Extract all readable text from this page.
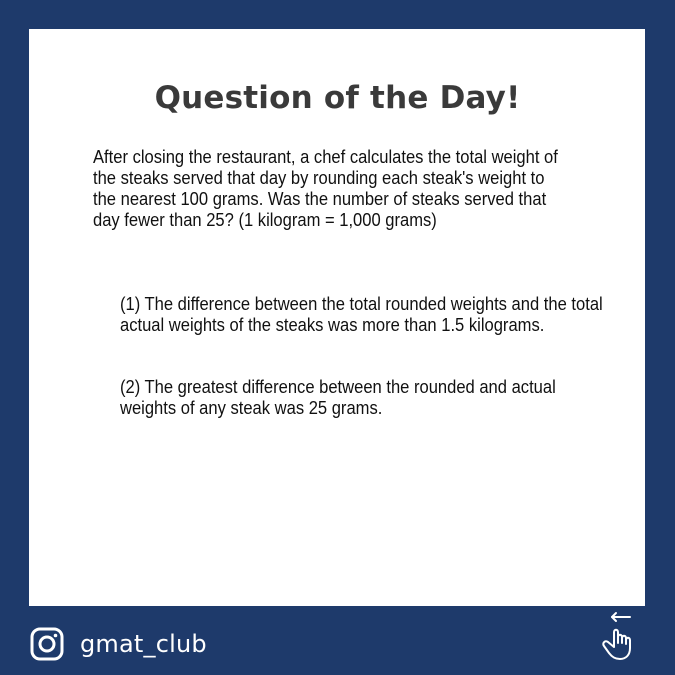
Question of the Day!
After closing the restaurant, a chef calculates the total weight of the steaks served that day by rounding each steak's weight to the nearest 100 grams. Was the number of steaks served that day fewer than 25? (1 kilogram = 1,000 grams)
(1) The difference between the total rounded weights and the total actual weights of the steaks was more than 1.5 kilograms.
(2) The greatest difference between the rounded and actual weights of any steak was 25 grams.
gmat_club
